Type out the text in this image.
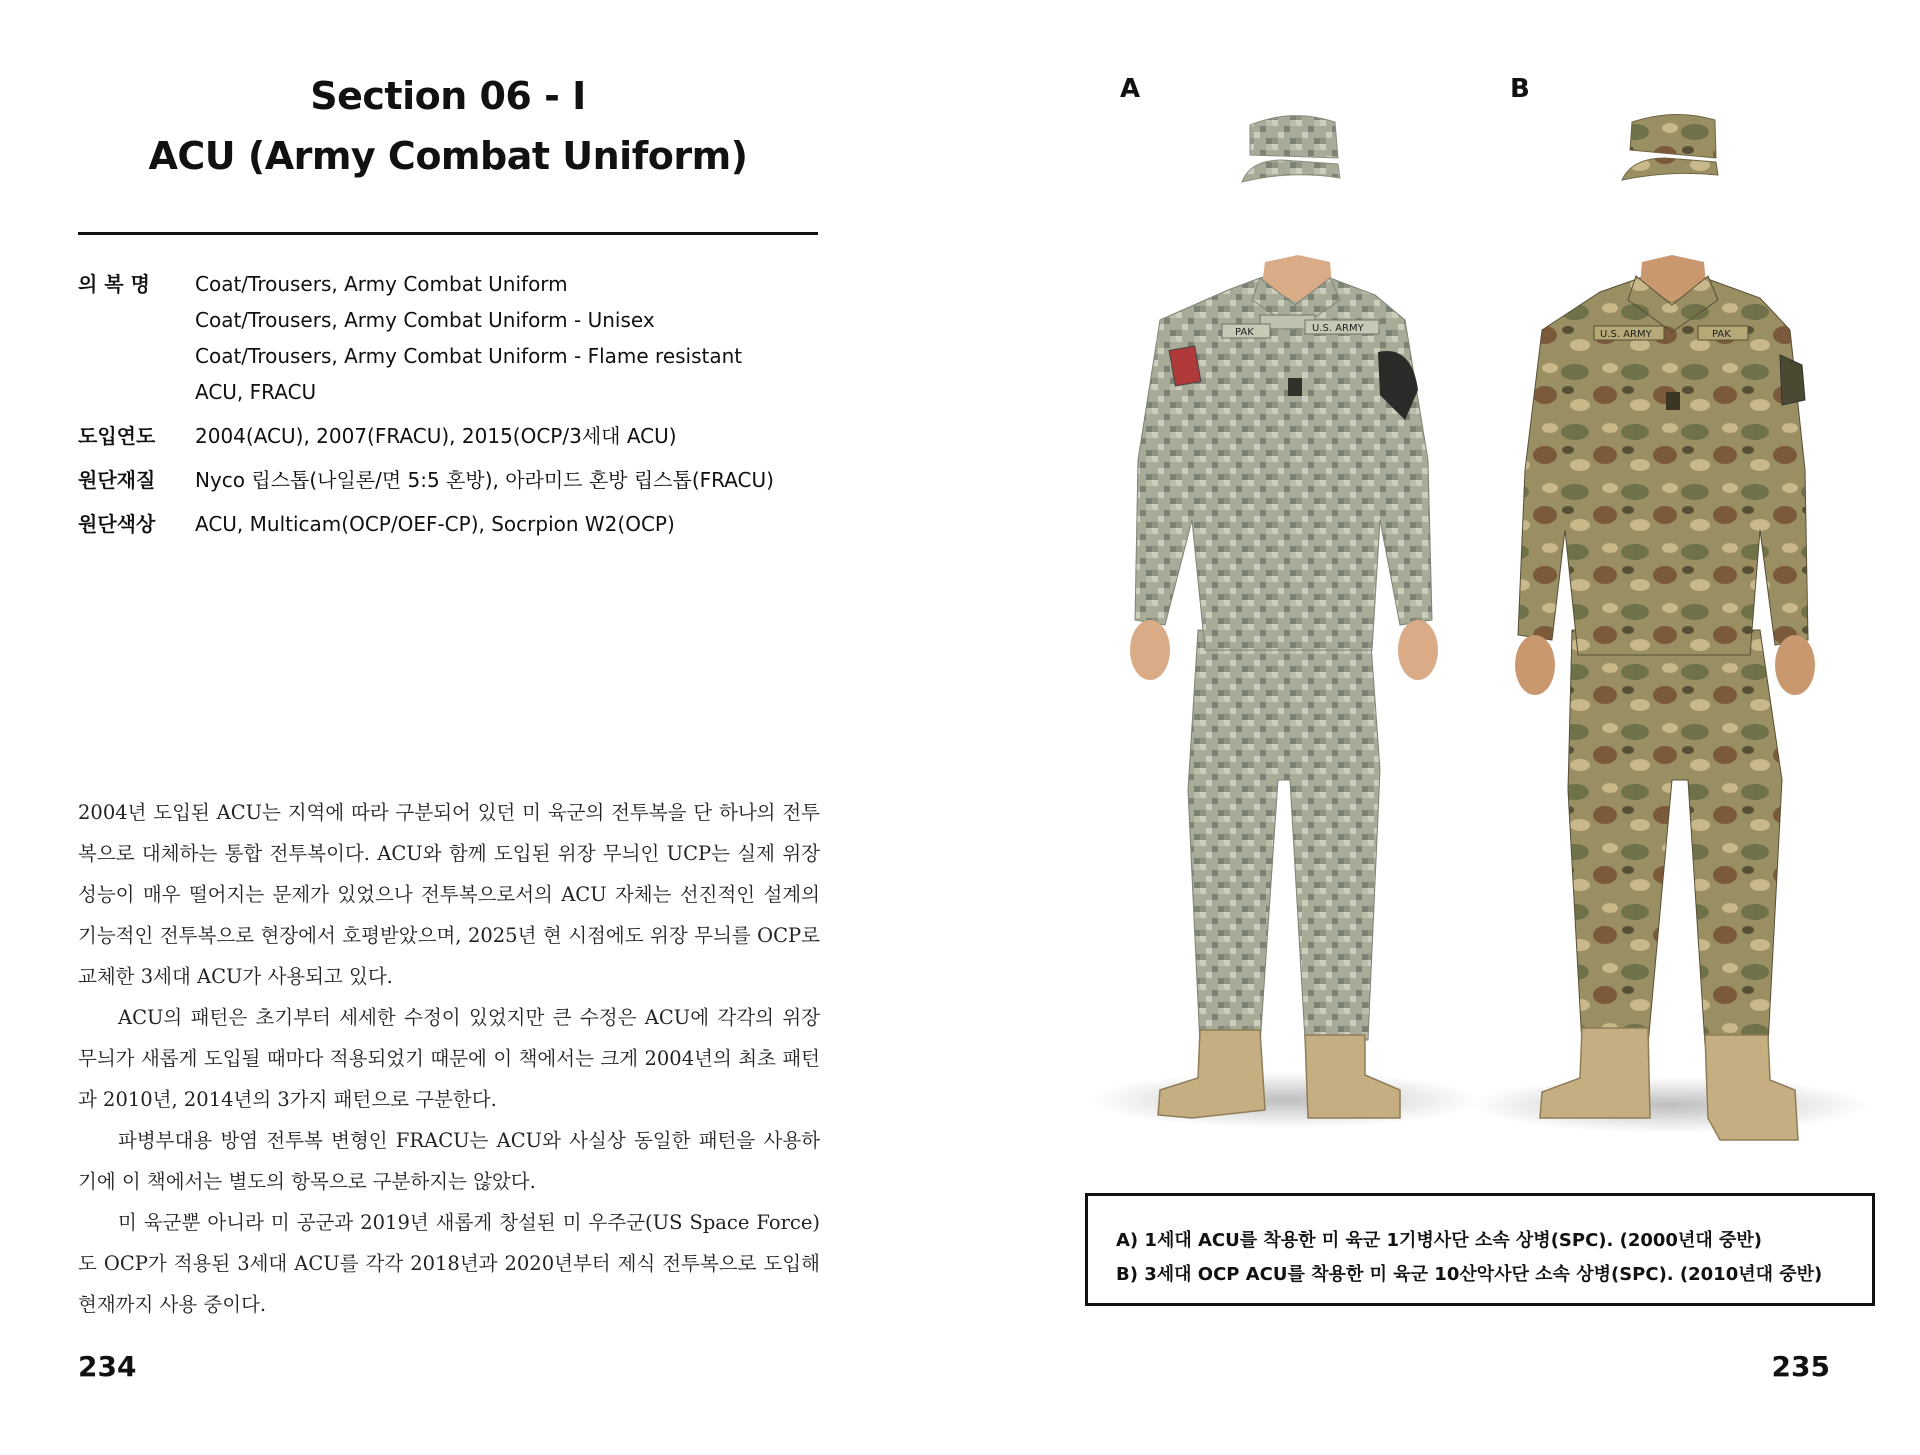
Section 06 - I
ACU (Army Combat Uniform)
의 복 명	Coat/Trousers, Army Combat Uniform
Coat/Trousers, Army Combat Uniform - Unisex
Coat/Trousers, Army Combat Uniform - Flame resistant
ACU, FRACU
도입연도	2004(ACU), 2007(FRACU), 2015(OCP/3세대 ACU)
원단재질	Nyco 립스톱(나일론/면 5:5 혼방), 아라미드 혼방 립스톱(FRACU)
원단색상	ACU, Multicam(OCP/OEF-CP), Socrpion W2(OCP)

2004년 도입된 ACU는 지역에 따라 구분되어 있던 미 육군의 전투복을 단 하나의 전투복으로 대체하는 통합 전투복이다. ACU와 함께 도입된 위장 무늬인 UCP는 실제 위장 성능이 매우 떨어지는 문제가 있었으나 전투복으로서의 ACU 자체는 선진적인 설계의 기능적인 전투복으로 현장에서 호평받았으며, 2025년 현 시점에도 위장 무늬를 OCP로 교체한 3세대 ACU가 사용되고 있다.

ACU의 패턴은 초기부터 세세한 수정이 있었지만 큰 수정은 ACU에 각각의 위장 무늬가 새롭게 도입될 때마다 적용되었기 때문에 이 책에서는 크게 2004년의 최초 패턴과 2010년, 2014년의 3가지 패턴으로 구분한다.

파병부대용 방염 전투복 변형인 FRACU는 ACU와 사실상 동일한 패턴을 사용하기에 이 책에서는 별도의 항목으로 구분하지는 않았다.

미 육군뿐 아니라 미 공군과 2019년 새롭게 창설된 미 우주군(US Space Force)도 OCP가 적용된 3세대 ACU를 각각 2018년과 2020년부터 제식 전투복으로 도입해 현재까지 사용 중이다.

234
PAK	U.S. ARMY
U.S. ARMY	PAK
A	B
A) 1세대 ACU를 착용한 미 육군 1기병사단 소속 상병(SPC). (2000년대 중반)
B) 3세대 OCP ACU를 착용한 미 육군 10산악사단 소속 상병(SPC). (2010년대 중반)
235
